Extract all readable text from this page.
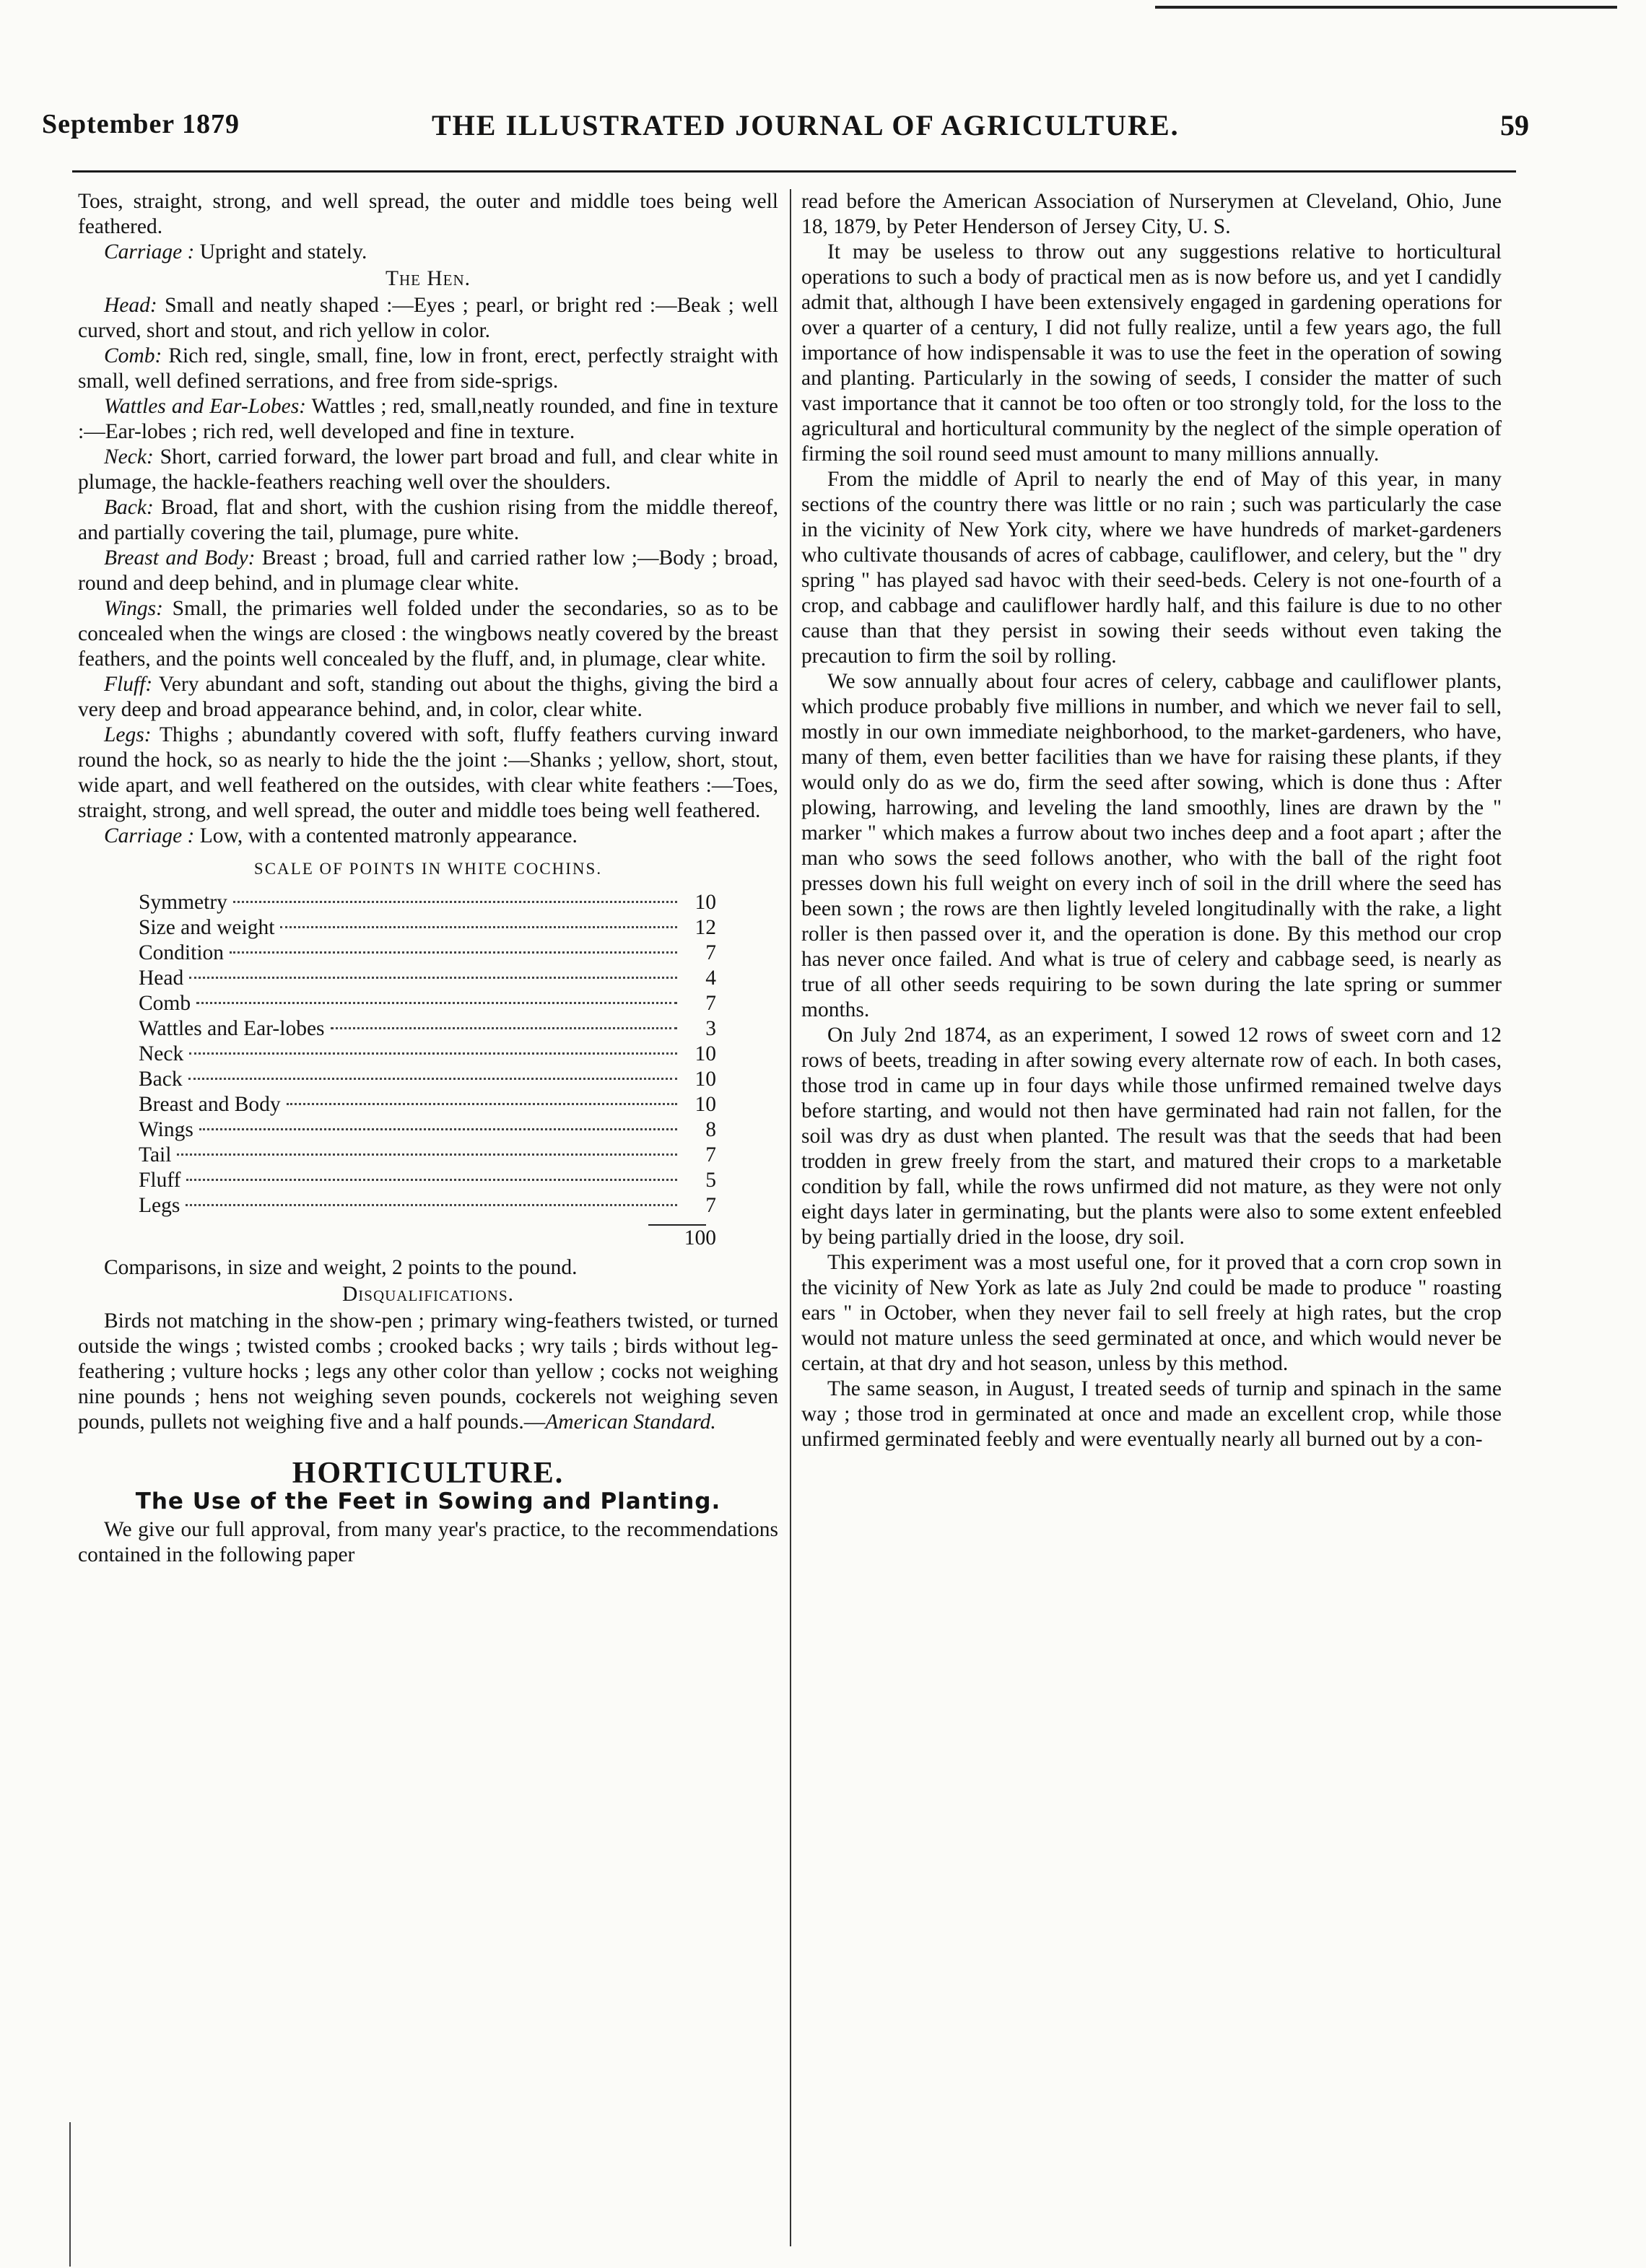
September 1879	THE ILLUSTRATED JOURNAL OF AGRICULTURE.	59

Toes, straight, strong, and well spread, the outer and middle toes being well feathered.

Carriage : Upright and stately.

The Hen.

Head: Small and neatly shaped :—Eyes ; pearl, or bright red :—Beak ; well curved, short and stout, and rich yellow in color.

Comb: Rich red, single, small, fine, low in front, erect, perfectly straight with small, well defined serrations, and free from side-sprigs.

Wattles and Ear-Lobes: Wattles ; red, small,neatly rounded, and fine in texture :—Ear-lobes ; rich red, well developed and fine in texture.

Neck: Short, carried forward, the lower part broad and full, and clear white in plumage, the hackle-feathers reaching well over the shoulders.

Back: Broad, flat and short, with the cushion rising from the middle thereof, and partially covering the tail, plumage, pure white.

Breast and Body: Breast ; broad, full and carried rather low ;—Body ; broad, round and deep behind, and in plumage clear white.

Wings: Small, the primaries well folded under the secondaries, so as to be concealed when the wings are closed : the wingbows neatly covered by the breast feathers, and the points well concealed by the fluff, and, in plumage, clear white.

Fluff: Very abundant and soft, standing out about the thighs, giving the bird a very deep and broad appearance behind, and, in color, clear white.

Legs: Thighs ; abundantly covered with soft, fluffy feathers curving inward round the hock, so as nearly to hide the the joint :—Shanks ; yellow, short, stout, wide apart, and well feathered on the outsides, with clear white feathers :—Toes, straight, strong, and well spread, the outer and middle toes being well feathered.

Carriage : Low, with a contented matronly appearance.

SCALE OF POINTS IN WHITE COCHINS.

Symmetry	10
Size and weight	12
Condition	7
Head	4
Comb	7
Wattles and Ear-lobes	3
Neck	10
Back	10
Breast and Body	10
Wings	8
Tail	7
Fluff	5
Legs	7

100

Comparisons, in size and weight, 2 points to the pound.

Disqualifications.

Birds not matching in the show-pen ; primary wing-feathers twisted, or turned outside the wings ; twisted combs ; crooked backs ; wry tails ; birds without leg-feathering ; vulture hocks ; legs any other color than yellow ; cocks not weighing nine pounds ; hens not weighing seven pounds, cockerels not weighing seven pounds, pullets not weighing five and a half pounds.—American Standard.

HORTICULTURE.

The Use of the Feet in Sowing and Planting.

We give our full approval, from many year's practice, to the recommendations contained in the following paper

read before the American Association of Nurserymen at Cleveland, Ohio, June 18, 1879, by Peter Henderson of Jersey City, U. S.

It may be useless to throw out any suggestions relative to horticultural operations to such a body of practical men as is now before us, and yet I candidly admit that, although I have been extensively engaged in gardening operations for over a quarter of a century, I did not fully realize, until a few years ago, the full importance of how indispensable it was to use the feet in the operation of sowing and planting. Particularly in the sowing of seeds, I consider the matter of such vast importance that it cannot be too often or too strongly told, for the loss to the agricultural and horticultural community by the neglect of the simple operation of firming the soil round seed must amount to many millions annually.

From the middle of April to nearly the end of May of this year, in many sections of the country there was little or no rain ; such was particularly the case in the vicinity of New York city, where we have hundreds of market-gardeners who cultivate thousands of acres of cabbage, cauliflower, and celery, but the " dry spring " has played sad havoc with their seed-beds. Celery is not one-fourth of a crop, and cabbage and cauliflower hardly half, and this failure is due to no other cause than that they persist in sowing their seeds without even taking the precaution to firm the soil by rolling.

We sow annually about four acres of celery, cabbage and cauliflower plants, which produce probably five millions in number, and which we never fail to sell, mostly in our own immediate neighborhood, to the market-gardeners, who have, many of them, even better facilities than we have for raising these plants, if they would only do as we do, firm the seed after sowing, which is done thus : After plowing, harrowing, and leveling the land smoothly, lines are drawn by the " marker " which makes a furrow about two inches deep and a foot apart ; after the man who sows the seed follows another, who with the ball of the right foot presses down his full weight on every inch of soil in the drill where the seed has been sown ; the rows are then lightly leveled longitudinally with the rake, a light roller is then passed over it, and the operation is done. By this method our crop has never once failed. And what is true of celery and cabbage seed, is nearly as true of all other seeds requiring to be sown during the late spring or summer months.

On July 2nd 1874, as an experiment, I sowed 12 rows of sweet corn and 12 rows of beets, treading in after sowing every alternate row of each. In both cases, those trod in came up in four days while those unfirmed remained twelve days before starting, and would not then have germinated had rain not fallen, for the soil was dry as dust when planted. The result was that the seeds that had been trodden in grew freely from the start, and matured their crops to a marketable condition by fall, while the rows unfirmed did not mature, as they were not only eight days later in germinating, but the plants were also to some extent enfeebled by being partially dried in the loose, dry soil.

This experiment was a most useful one, for it proved that a corn crop sown in the vicinity of New York as late as July 2nd could be made to produce " roasting ears " in October, when they never fail to sell freely at high rates, but the crop would not mature unless the seed germinated at once, and which would never be certain, at that dry and hot season, unless by this method.

The same season, in August, I treated seeds of turnip and spinach in the same way ; those trod in germinated at once and made an excellent crop, while those unfirmed germinated feebly and were eventually nearly all burned out by a con-
